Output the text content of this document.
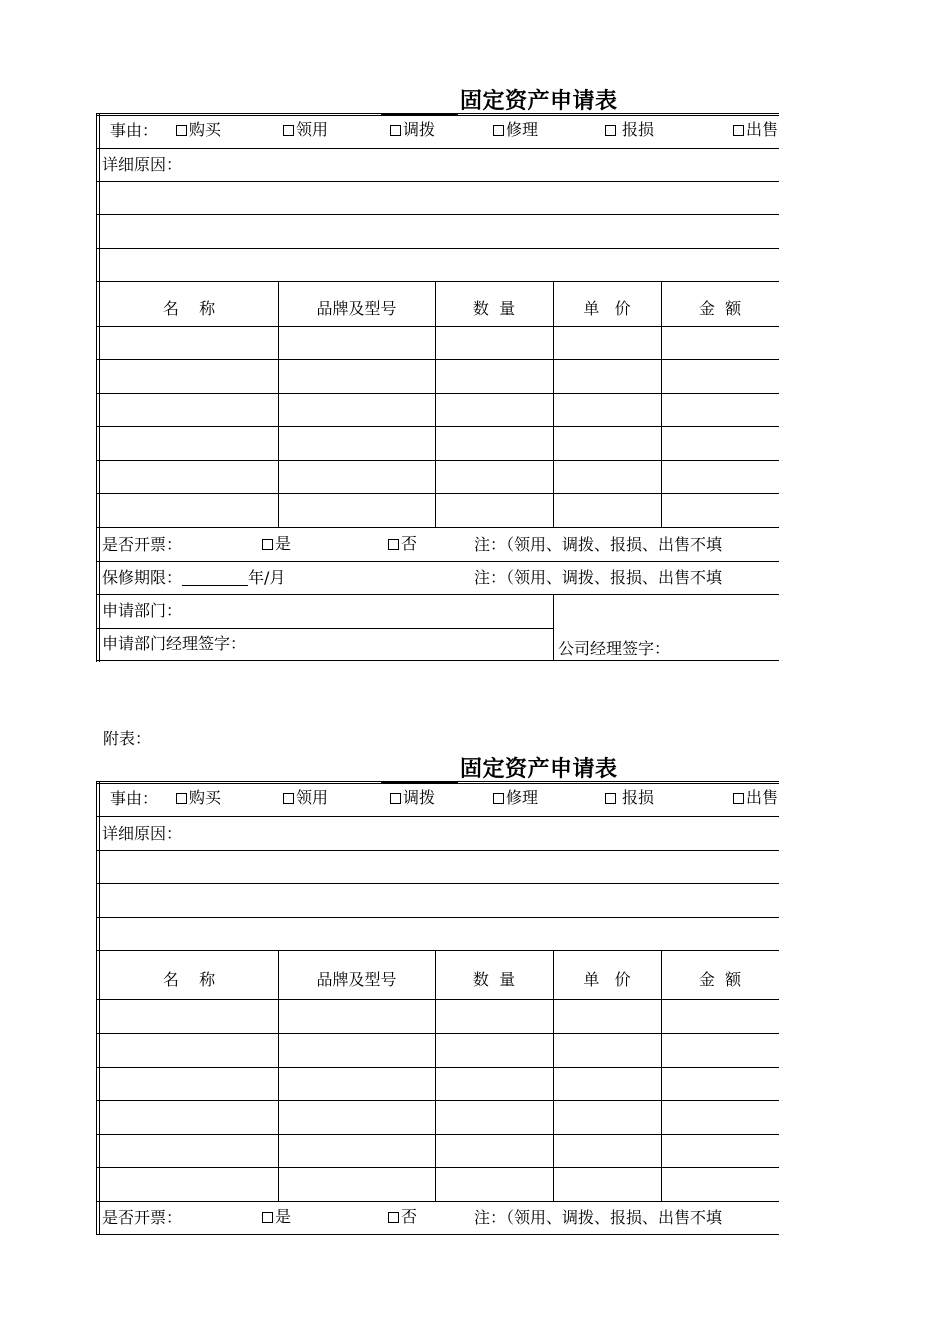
固定资产申请表
事由：	购买	领用	调拨	修理	报损	出售
详细原因：
名    称	品牌及型号	数  量	单   价	金  额
是否开票：	是	否	注：（领用、调拨、报损、出售不填
保修期限：	年/月	注：（领用、调拨、报损、出售不填
申请部门：
申请部门经理签字：	公司经理签字：
附表：
固定资产申请表
事由：	购买	领用	调拨	修理	报损	出售
详细原因：
名    称	品牌及型号	数  量	单   价	金  额
是否开票：	是	否	注：（领用、调拨、报损、出售不填
